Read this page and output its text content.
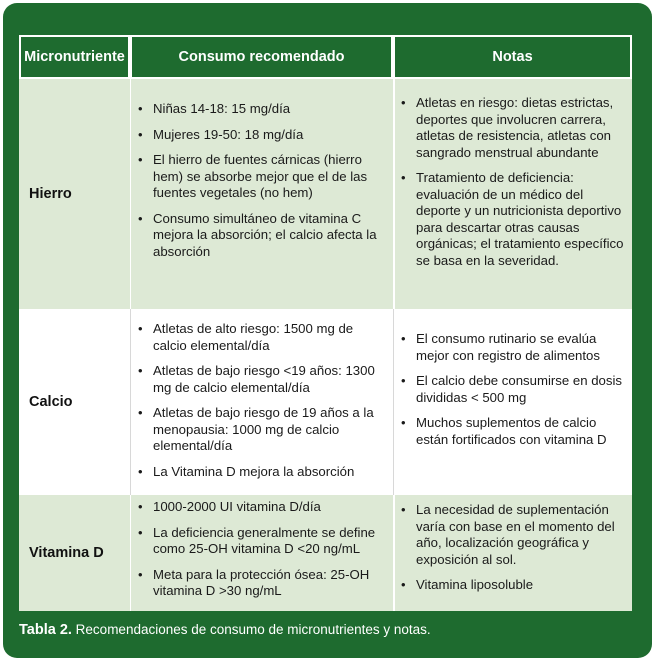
Micronutriente	Consumo recomendado	Notas
Hierro
• Niñas 14-18: 15 mg/día
• Mujeres 19-50: 18 mg/día
• El hierro de fuentes cárnicas (hierro hem) se absorbe mejor que el de las fuentes vegetales (no hem)
• Consumo simultáneo de vitamina C mejora la absorción; el calcio afecta la absorción
• Atletas en riesgo: dietas estrictas, deportes que involucren carrera, atletas de resistencia, atletas con sangrado menstrual abundante
• Tratamiento de deficiencia: evaluación de un médico del deporte y un nutricionista deportivo para descartar otras causas orgánicas; el tratamiento específico se basa en la severidad.
Calcio
• Atletas de alto riesgo: 1500 mg de calcio elemental/día
• Atletas de bajo riesgo <19 años: 1300 mg de calcio elemental/día
• Atletas de bajo riesgo de 19 años a la menopausia: 1000 mg de calcio elemental/día
• La Vitamina D mejora la absorción
• El consumo rutinario se evalúa mejor con registro de alimentos
• El calcio debe consumirse en dosis divididas < 500 mg
• Muchos suplementos de calcio están fortificados con vitamina D
Vitamina D
• 1000-2000 UI vitamina D/día
• La deficiencia generalmente se define como 25-OH vitamina D <20 ng/mL
• Meta para la protección ósea: 25-OH vitamina D >30 ng/mL
• La necesidad de suplementación varía con base en el momento del año, localización geográfica y exposición al sol.
• Vitamina liposoluble
Tabla 2. Recomendaciones de consumo de micronutrientes y notas.
